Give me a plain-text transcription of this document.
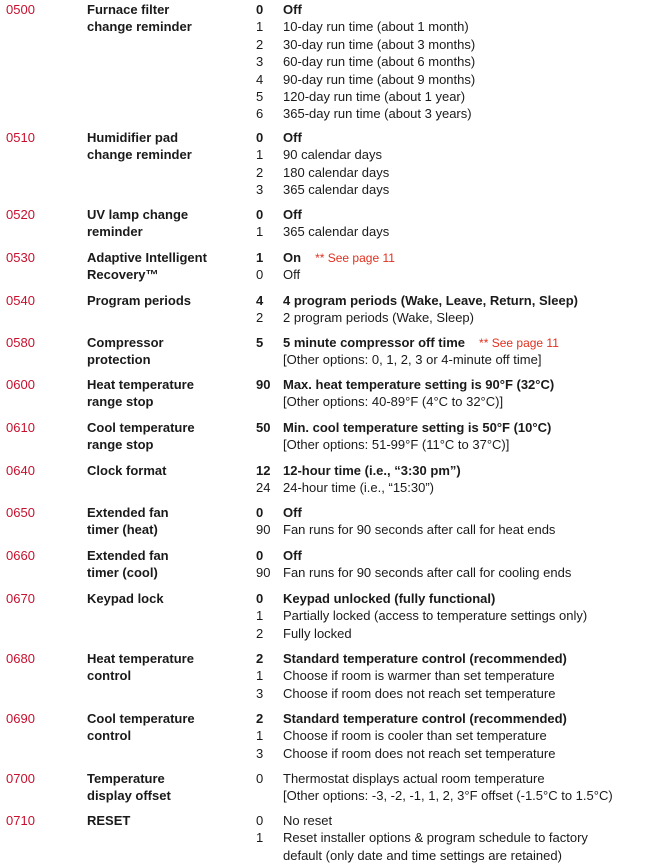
0500	Furnace filter
change reminder
0	Off
1	10-day run time (about 1 month)
2	30-day run time (about 3 months)
3	60-day run time (about 6 months)
4	90-day run time (about 9 months)
5	120-day run time (about 1 year)
6	365-day run time (about 3 years)
0510	Humidifier pad
change reminder
0	Off
1	90 calendar days
2	180 calendar days
3	365 calendar days
0520	UV lamp change
reminder
0	Off
1	365 calendar days
0530	Adaptive Intelligent
Recovery™
1	On ** See page 11
0	Off
0540	Program periods	4	4 program periods (Wake, Leave, Return, Sleep)
2	2 program periods (Wake, Sleep)
0580	Compressor
protection
5	5 minute compressor off time ** See page 11
[Other options: 0, 1, 2, 3 or 4-minute off time]
0600	Heat temperature
range stop
90 Max. heat temperature setting is 90°F (32°C)
[Other options: 40-89°F (4°C to 32°C)]
0610	Cool temperature
range stop
50 Min. cool temperature setting is 50°F (10°C)
[Other options: 51-99°F (11°C to 37°C)]
0640	Clock format	12 12-hour time (i.e., “3:30 pm”)
24 24-hour time (i.e., “15:30”)
0650	Extended fan
timer (heat)
0	Off
90 Fan runs for 90 seconds after call for heat ends
0660	Extended fan
timer (cool)
0	Off
90 Fan runs for 90 seconds after call for cooling ends
0670	Keypad lock	0	Keypad unlocked (fully functional)
1	Partially locked (access to temperature settings only)
2	Fully locked
0680	Heat temperature
control
2	Standard temperature control (recommended)
1	Choose if room is warmer than set temperature
3	Choose if room does not reach set temperature
0690	Cool temperature
control
2	Standard temperature control (recommended)
1	Choose if room is cooler than set temperature
3	Choose if room does not reach set temperature
0700	Temperature
display offset
0	Thermostat displays actual room temperature
[Other options: -3, -2, -1, 1, 2, 3°F offset (-1.5°C to 1.5°C)
0710	RESET	0	No reset
1	Reset installer options & program schedule to factory
default (only date and time settings are retained)
